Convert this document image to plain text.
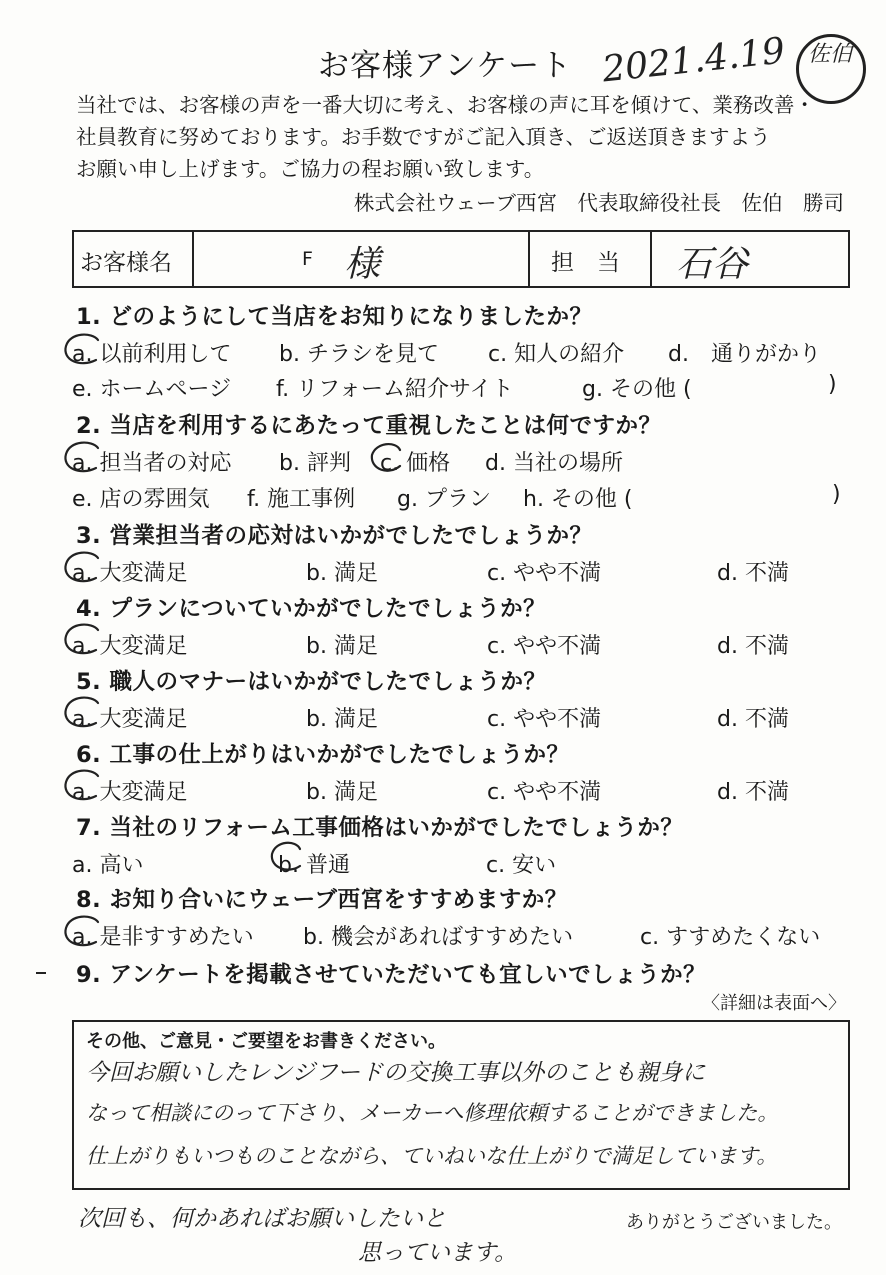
お客様アンケート 2021.4.19 佐伯
当社では、お客様の声を一番大切に考え、お客様の声に耳を傾けて、業務改善・
社員教育に努めております。お手数ですがご記入頂き、ご返送頂きますよう
お願い申し上げます。ご協力の程お願い致します。
株式会社ウェーブ西宮　代表取締役社長　佐伯　勝司
お客様名	F 様	担　当 石谷
1. どのようにして当店をお知りになりましたか？
a. 以前利用して b. チラシを見て c. 知人の紹介 d.　通りがかり
e. ホームページ f. リフォーム紹介サイト	g. その他 (	)
2. 当店を利用するにあたって重視したことは何ですか？
a. 担当者の対応 b. 評判 c. 価格 d. 当社の場所
e. 店の雰囲気 f. 施工事例 g. プラン h. その他 (	)
3. 営業担当者の応対はいかがでしたでしょうか？
a. 大変満足	b. 満足	c. やや不満	d. 不満
4. プランについていかがでしたでしょうか？
a. 大変満足	b. 満足	c. やや不満	d. 不満
5. 職人のマナーはいかがでしたでしょうか？
a. 大変満足	b. 満足	c. やや不満	d. 不満
6. 工事の仕上がりはいかがでしたでしょうか？
a. 大変満足	b. 満足	c. やや不満	d. 不満
7. 当社のリフォーム工事価格はいかがでしたでしょうか？
a. 高い	b. 普通	c. 安い
8. お知り合いにウェーブ西宮をすすめますか？
a. 是非すすめたい b. 機会があればすすめたい	c. すすめたくない
9. アンケートを掲載させていただいても宜しいでしょうか？
〈詳細は表面へ〉
その他、ご意見・ご要望をお書きください。
今回お願いしたレンジフードの交換工事以外のことも親身に
なって相談にのって下さり、メーカーへ修理依頼することができました。
仕上がりもいつものことながら、ていねいな仕上がりで満足しています。
次回も、何かあればお願いしたいと
思っています。
ありがとうございました。
